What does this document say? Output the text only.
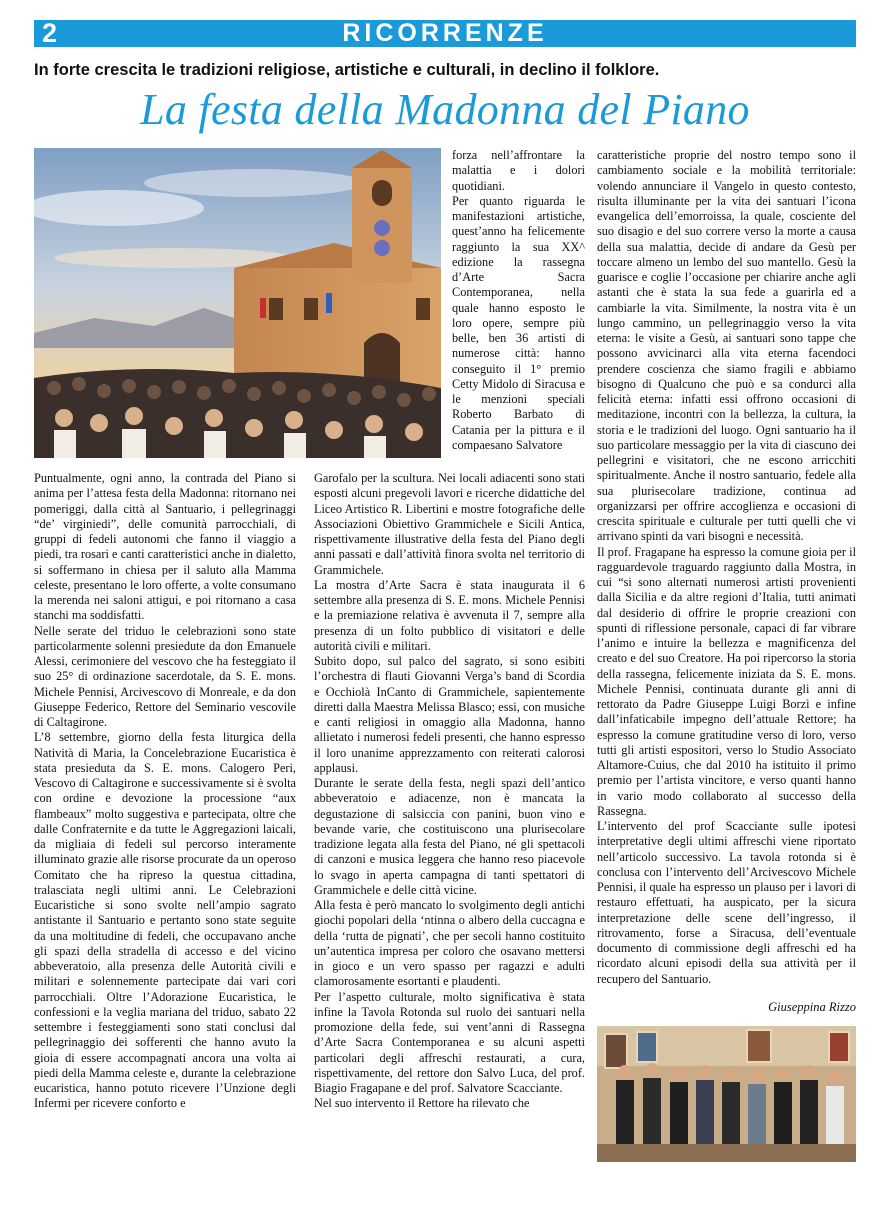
2	RICORRENZE
In forte crescita le tradizioni religiose, artistiche e culturali, in declino il folklore.
La festa della Madonna del Piano

forza nell’affrontare la malattia e i dolori quotidiani.

Per quanto riguarda le manifestazioni artistiche, quest’anno ha felicemente raggiunto la sua XX^ edizione la rassegna d’Arte Sacra Contemporanea, nella quale hanno esposto le loro opere, sempre più belle, ben 36 artisti di numerose città: hanno conseguito il 1° premio Cetty Midolo di Siracusa e le menzioni speciali Roberto Barbato di Catania per la pittura e il compaesano Salvatore

Puntualmente, ogni anno, la contrada del Piano si anima per l’attesa festa della Madonna: ritornano nei pomeriggi, dalla città al Santuario, i pellegrinaggi “de’ virginiedi”, delle comunità parrocchiali, di gruppi di fedeli autonomi che fanno il viaggio a piedi, tra rosari e canti caratteristici anche in dialetto, si soffermano in chiesa per il saluto alla Mamma celeste, presentano le loro offerte, a volte consumano la merenda nei saloni attigui, e poi ritornano a casa stanchi ma soddisfatti.

Nelle serate del triduo le celebrazioni sono state particolarmente solenni presiedute da don Emanuele Alessi, cerimoniere del vescovo che ha festeggiato il suo 25° di ordinazione sacerdotale, da S. E. mons. Michele Pennisi, Arcivescovo di Monreale, e da don Giuseppe Federico, Rettore del Seminario vescovile di Caltagirone.

L’8 settembre, giorno della festa liturgica della Natività di Maria, la Concelebrazione Eucaristica è stata presieduta da S. E. mons. Calogero Peri, Vescovo di Caltagirone e successivamente si è svolta con ordine e devozione la processione “aux flambeaux” molto suggestiva e partecipata, oltre che dalle Confraternite e da tutte le Aggregazioni laicali, da migliaia di fedeli sul percorso interamente illuminato grazie alle risorse procurate da un operoso Comitato che ha ripreso la questua cittadina, tralasciata negli ultimi anni. Le Celebrazioni Eucaristiche si sono svolte nell’ampio sagrato antistante il Santuario e pertanto sono state seguite da una moltitudine di fedeli, che occupavano anche gli spazi della stradella di accesso e del vicino abbeveratoio, alla presenza delle Autorità civili e militari e solennemente partecipate dai vari cori parrocchiali. Oltre l’Adorazione Eucaristica, le confessioni e la veglia mariana del triduo, sabato 22 settembre i festeggiamenti sono stati conclusi dal pellegrinaggio dei sofferenti che hanno avuto la gioia di essere accompagnati ancora una volta ai piedi della Mamma celeste e, durante la celebrazione eucaristica, hanno potuto ricevere l’Unzione degli Infermi per ricevere conforto e

Garofalo per la scultura. Nei locali adiacenti sono stati esposti alcuni pregevoli lavori e ricerche didattiche del Liceo Artistico R. Libertini e mostre fotografiche delle Associazioni Obiettivo Grammichele e Sicili Antica, rispettivamente illustrative della festa del Piano degli anni passati e dall’attività finora svolta nel territorio di Grammichele.

La mostra d’Arte Sacra è stata inaugurata il 6 settembre alla presenza di S. E. mons. Michele Pennisi e la premiazione relativa è avvenuta il 7, sempre alla presenza di un folto pubblico di visitatori e delle autorità civili e militari.

Subito dopo, sul palco del sagrato, si sono esibiti l’orchestra di flauti Giovanni Verga’s band di Scordia e Occhiolà InCanto di Grammichele, sapientemente diretti dalla Maestra Melissa Blasco; essi, con musiche e canti religiosi in omaggio alla Madonna, hanno allietato i numerosi fedeli presenti, che hanno espresso il loro unanime apprezzamento con reiterati calorosi applausi.

Durante le serate della festa, negli spazi dell’antico abbeveratoio e adiacenze, non è mancata la degustazione di salsiccia con panini, buon vino e bevande varie, che costituiscono una plurisecolare tradizione legata alla festa del Piano, né gli spettacoli di canzoni e musica leggera che hanno reso piacevole lo svago in aperta campagna di tanti spettatori di Grammichele e delle città vicine.

Alla festa è però mancato lo svolgimento degli antichi giochi popolari della ‘ntinna o albero della cuccagna e della ‘rutta de pignati’, che per secoli hanno costituito un’autentica impresa per coloro che osavano mettersi in gioco e un vero spasso per ragazzi e adulti clamorosamente esortanti e plaudenti.

Per l’aspetto culturale, molto significativa è stata infine la Tavola Rotonda sul ruolo dei santuari nella promozione della fede, sui vent’anni di Rassegna d’Arte Sacra Contemporanea e su alcuni aspetti particolari degli affreschi restaurati, a cura, rispettivamente, del rettore don Salvo Luca, del prof. Biagio Fragapane e del prof. Salvatore Scacciante.

Nel suo intervento il Rettore ha rilevato che

caratteristiche proprie del nostro tempo sono il cambiamento sociale e la mobilità territoriale: volendo annunciare il Vangelo in questo contesto, risulta illuminante per la vita dei santuari l’icona evangelica dell’emorroissa, la quale, cosciente del suo disagio e del suo correre verso la morte a causa della sua malattia, decide di andare da Gesù per toccare almeno un lembo del suo mantello. Gesù la guarisce e coglie l’occasione per chiarire anche agli astanti che è stata la sua fede a guarirla ed a cambiarle la vita. Similmente, la nostra vita è un lungo cammino, un pellegrinaggio verso la vita eterna: le visite a Gesù, ai santuari sono tappe che possono avvicinarci alla vita eterna facendoci prendere coscienza che siamo fragili e abbiamo bisogno di Qualcuno che può e sa condurci alla felicità eterna: infatti essi offrono occasioni di meditazione, incontri con la bellezza, la cultura, la storia e le tradizioni del luogo. Ogni santuario ha il suo particolare messaggio per la vita di ciascuno dei pellegrini e visitatori, che ne escono arricchiti spiritualmente. Anche il nostro santuario, fedele alla sua plurisecolare tradizione, continua ad organizzarsi per offrire accoglienza e occasioni di crescita spirituale e culturale per tutti quelli che vi arrivano spinti da vari bisogni e necessità.

Il prof. Fragapane ha espresso la comune gioia per il ragguardevole traguardo raggiunto dalla Mostra, in cui “si sono alternati numerosi artisti provenienti dalla Sicilia e da altre regioni d’Italia, tutti animati dal desiderio di offrire le proprie creazioni con spunti di riflessione personale, capaci di far vibrare l’animo e intuire la bellezza e magnificenza del creato e del suo Creatore. Ha poi ripercorso la storia della rassegna, felicemente iniziata da S. E. mons. Michele Pennisi, continuata durante gli anni di rettorato da Padre Giuseppe Luigi Borzì e infine dall’infaticabile impegno dell’attuale Rettore; ha espresso la comune gratitudine verso di loro, verso tutti gli artisti espositori, verso lo Studio Associato Altamore-Cuius, che dal 2010 ha istituito il primo premio per l’artista vincitore, e verso quanti hanno in vario modo collaborato al successo della Rassegna.

L’intervento del prof Scacciante sulle ipotesi interpretative degli ultimi affreschi viene riportato nell’articolo successivo. La tavola rotonda si è conclusa con l’intervento dell’Arcivescovo Michele Pennisi, il quale ha espresso un plauso per i lavori di restauro effettuati, ha auspicato, per la sicura interpretazione delle scene dell’ingresso, il ritrovamento, forse a Siracusa, dell’eventuale documento di commissione degli affreschi ed ha ricordato alcuni episodi della sua attività per il recupero del Santuario.

Giuseppina Rizzo
